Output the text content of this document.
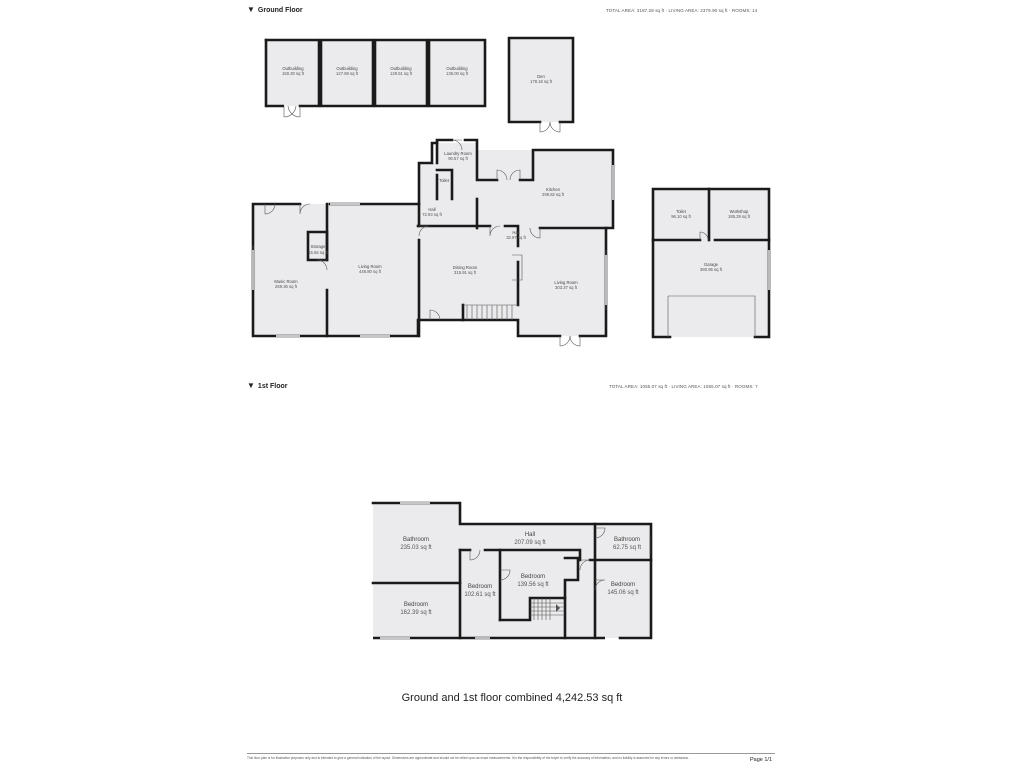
▼ Ground Floor	TOTAL AREA: 3187.28 sq ft · LIVING AREA: 2379.90 sq ft · ROOMS: 14
▼ 1st Floor	TOTAL AREA: 1055.07 sq ft · LIVING AREA: 1055.07 sq ft · ROOMS: 7
Outbuilding
150.30 sq ft
Outbuilding
127.69 sq ft
Outbuilding
129.51 sq ft
Outbuilding
135.00 sq ft
Den
178.16 sq ft
Laundry Room
90.57 sq ft
Toilet
Kitchen
299.82 sq ft
Hall
72.93 sq ft
Hall
32.97 sq ft
Storage
15.56 sq ft
Music Room
269.36 sq ft
Living Room
448.80 sq ft
Dining Room
315.91 sq ft
Living Room
303.37 sq ft
Toilet
96.10 sq ft
Workshop
185.29 sq ft
Garage
380.95 sq ft
Bathroom
235.03 sq ft
Bedroom
162.39 sq ft
Hall
207.09 sq ft
Bedroom
102.61 sq ft
Bedroom
139.56 sq ft
Bathroom
62.75 sq ft
Bedroom
145.06 sq ft
Ground and 1st floor combined 4,242.53 sq ft
This floor plan is for illustrative purposes only and is intended to give a general indication of the layout. Dimensions are approximate and should not be relied upon as exact measurements. It is the responsibility of the buyer to verify the accuracy of information, and no liability is assumed for any errors or omissions.	Page 1/1
